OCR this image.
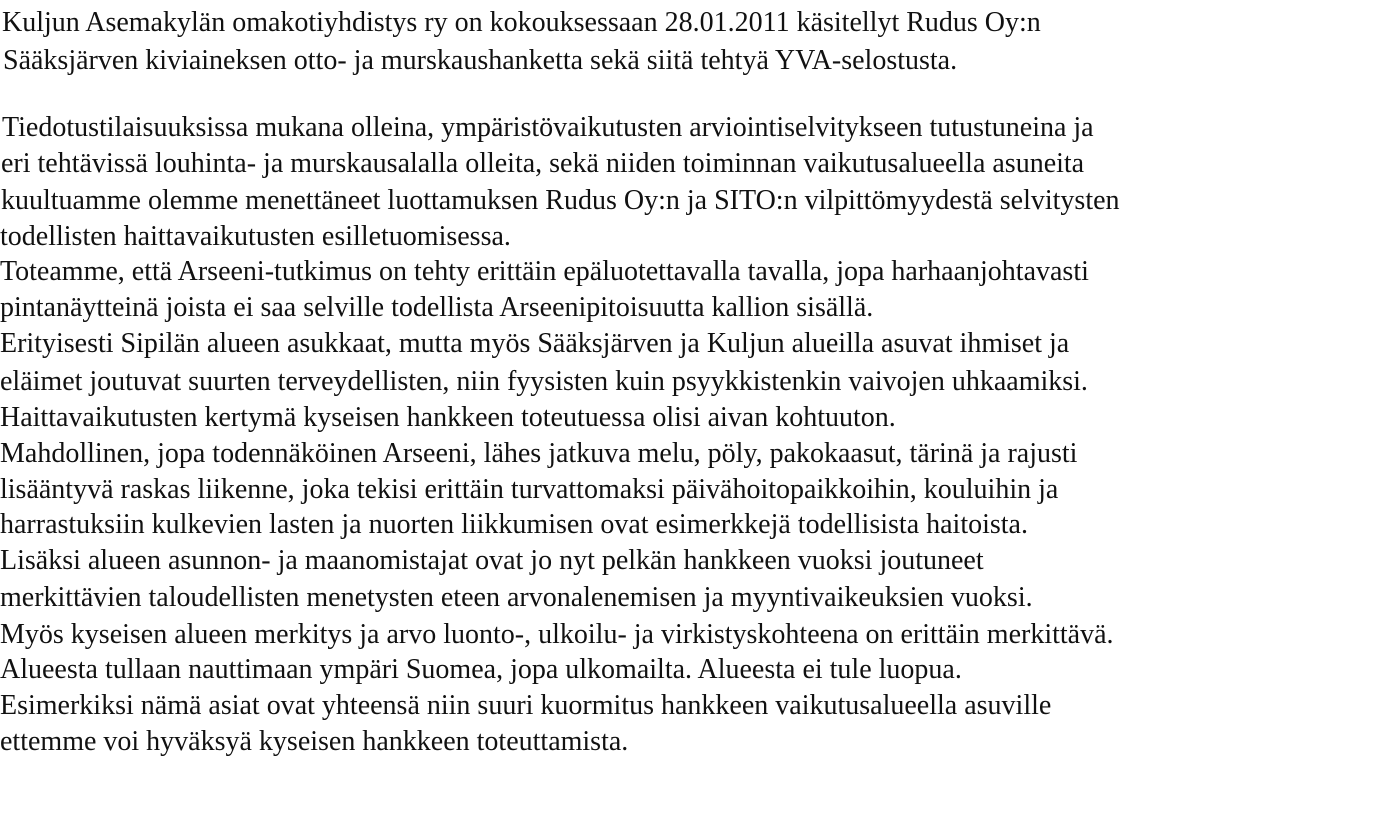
Kuljun Asemakylän omakotiyhdistys ry on kokouksessaan 28.01.2011 käsitellyt Rudus Oy:n
Sääksjärven kiviaineksen otto- ja murskaushanketta sekä siitä tehtyä YVA-selostusta.
Tiedotustilaisuuksissa mukana olleina, ympäristövaikutusten arviointiselvitykseen tutustuneina ja
eri tehtävissä louhinta- ja murskausalalla olleita, sekä niiden toiminnan vaikutusalueella asuneita
kuultuamme olemme menettäneet luottamuksen Rudus Oy:n ja SITO:n vilpittömyydestä selvitysten
todellisten haittavaikutusten esilletuomisessa.
Toteamme, että Arseeni-tutkimus on tehty erittäin epäluotettavalla tavalla, jopa harhaanjohtavasti
pintanäytteinä joista ei saa selville todellista Arseenipitoisuutta kallion sisällä.
Erityisesti Sipilän alueen asukkaat, mutta myös Sääksjärven ja Kuljun alueilla asuvat ihmiset ja
eläimet joutuvat suurten terveydellisten, niin fyysisten kuin psyykkistenkin vaivojen uhkaamiksi.
Haittavaikutusten kertymä kyseisen hankkeen toteutuessa olisi aivan kohtuuton.
Mahdollinen, jopa todennäköinen Arseeni, lähes jatkuva melu, pöly, pakokaasut, tärinä ja rajusti
lisääntyvä raskas liikenne, joka tekisi erittäin turvattomaksi päivähoitopaikkoihin, kouluihin ja
harrastuksiin kulkevien lasten ja nuorten liikkumisen ovat esimerkkejä todellisista haitoista.
Lisäksi alueen asunnon- ja maanomistajat ovat jo nyt pelkän hankkeen vuoksi joutuneet
merkittävien taloudellisten menetysten eteen arvonalenemisen ja myyntivaikeuksien vuoksi.
Myös kyseisen alueen merkitys ja arvo luonto-, ulkoilu- ja virkistyskohteena on erittäin merkittävä.
Alueesta tullaan nauttimaan ympäri Suomea, jopa ulkomailta. Alueesta ei tule luopua.
Esimerkiksi nämä asiat ovat yhteensä niin suuri kuormitus hankkeen vaikutusalueella asuville
ettemme voi hyväksyä kyseisen hankkeen toteuttamista.
